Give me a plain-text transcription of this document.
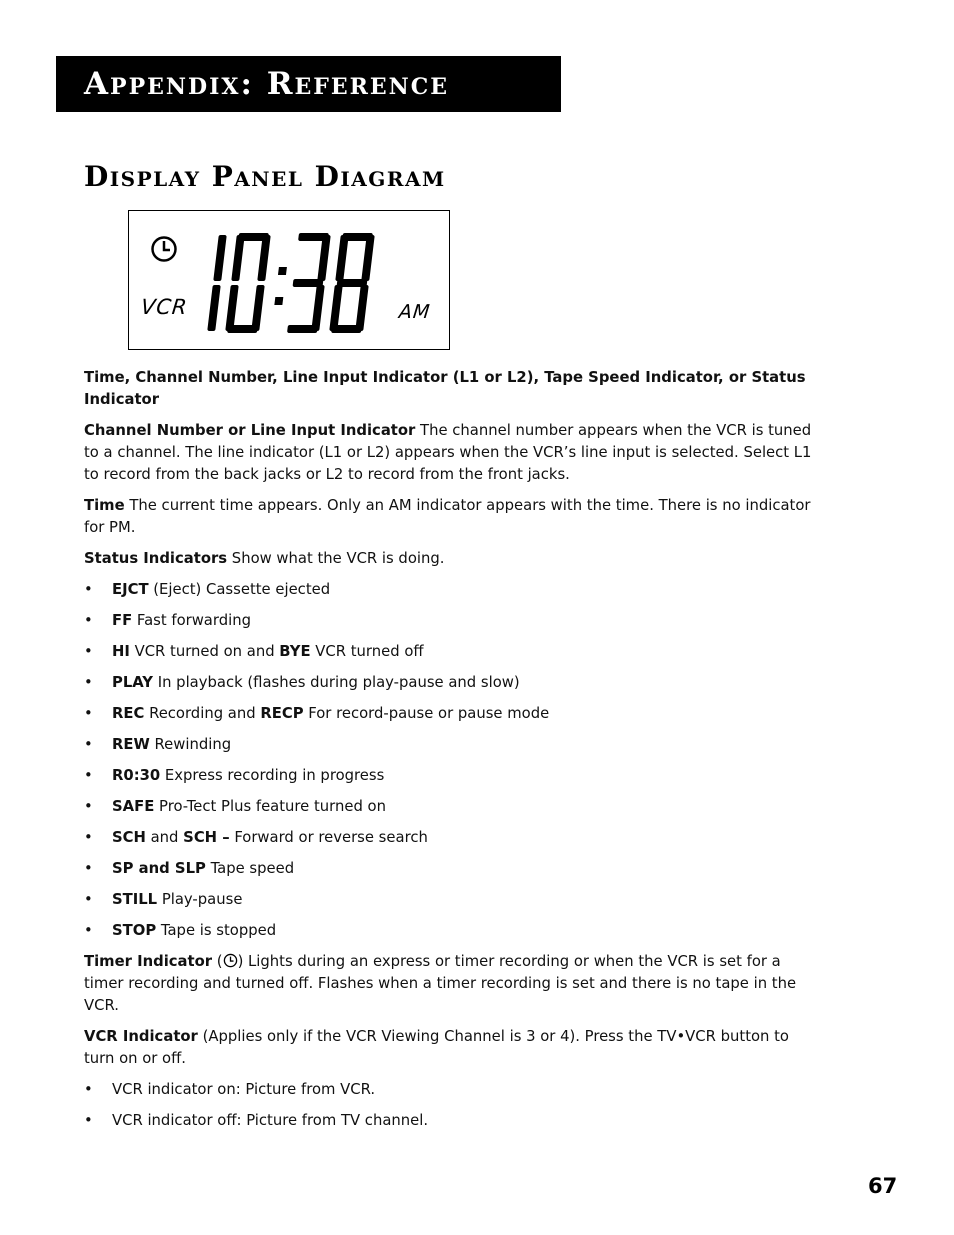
Appendix: Reference
Display Panel Diagram
VCR	AM

Time, Channel Number, Line Input Indicator (L1 or L2), Tape Speed Indicator, or Status Indicator

Channel Number or Line Input Indicator The channel number appears when the VCR is tuned to a channel. The line indicator (L1 or L2) appears when the VCR’s line input is selected. Select L1 to record from the back jacks or L2 to record from the front jacks.

Time The current time appears. Only an AM indicator appears with the time. There is no indicator for PM.

Status Indicators Show what the VCR is doing.

• EJCT (Eject) Cassette ejected
• FF Fast forwarding
• HI VCR turned on and BYE VCR turned off
• PLAY In playback (flashes during play-pause and slow)
• REC Recording and RECP For record-pause or pause mode
• REW Rewinding
• R0:30 Express recording in progress
• SAFE Pro-Tect Plus feature turned on
• SCH and SCH – Forward or reverse search
• SP and SLP Tape speed
• STILL Play-pause
• STOP Tape is stopped

Timer Indicator ( ) Lights during an express or timer recording or when the VCR is set for a timer recording and turned off. Flashes when a timer recording is set and there is no tape in the VCR.

VCR Indicator (Applies only if the VCR Viewing Channel is 3 or 4). Press the TV•VCR button to turn on or off.

• VCR indicator on: Picture from VCR.
• VCR indicator off: Picture from TV channel.
67
